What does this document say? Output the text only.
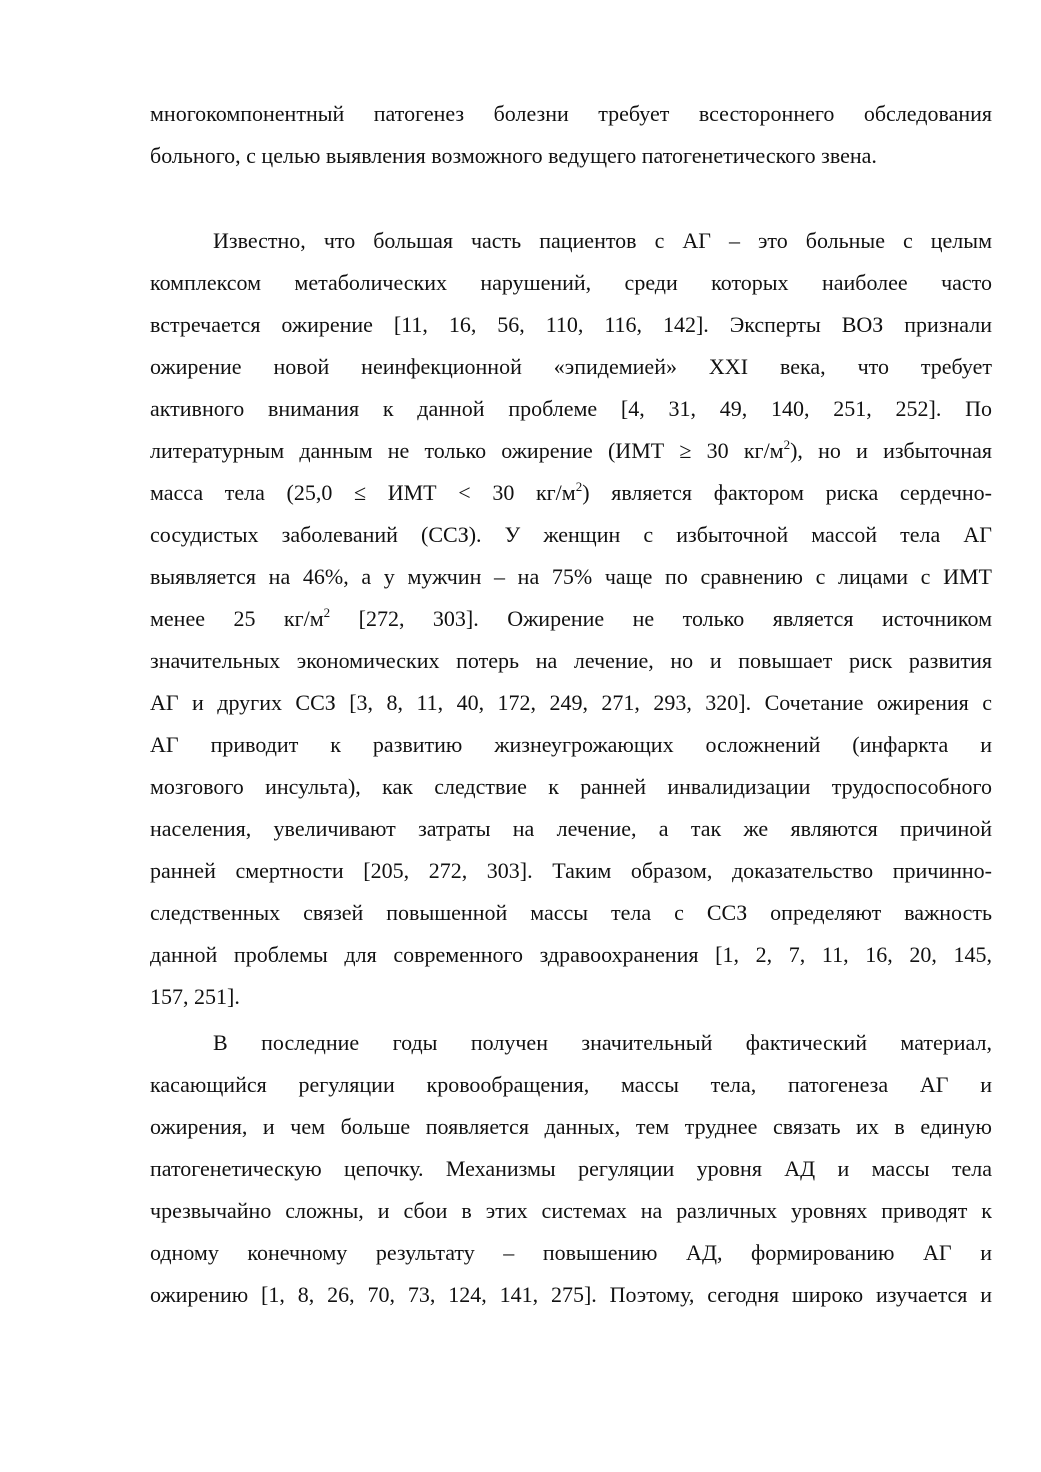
многокомпонентный патогенез болезни требует всестороннего обследования
больного, с целью выявления возможного ведущего патогенетического звена.
Известно, что большая часть пациентов с АГ – это больные с целым
комплексом метаболических нарушений, среди которых наиболее часто
встречается ожирение [11, 16, 56, 110, 116, 142]. Эксперты ВОЗ признали
ожирение новой неинфекционной «эпидемией» XXI века, что требует
активного внимания к данной проблеме [4, 31, 49, 140, 251, 252]. По
литературным данным не только ожирение (ИМТ ≥ 30 $кг/м^2$), но и избыточная
масса тела (25,0 ≤ ИМТ < 30 $кг/м^2$) является фактором риска сердечно-
сосудистых заболеваний (ССЗ). У женщин с избыточной массой тела АГ
выявляется на 46%, а у мужчин – на 75% чаще по сравнению с лицами с ИМТ
менее 25 $кг/м^2$ [272, 303]. Ожирение не только является источником
значительных экономических потерь на лечение, но и повышает риск развития
АГ и других ССЗ [3, 8, 11, 40, 172, 249, 271, 293, 320]. Сочетание ожирения с
АГ приводит к развитию жизнеугрожающих осложнений (инфаркта и
мозгового инсульта), как следствие к ранней инвалидизации трудоспособного
населения, увеличивают затраты на лечение, а так же являются причиной
ранней смертности [205, 272, 303]. Таким образом, доказательство причинно-
следственных связей повышенной массы тела с ССЗ определяют важность
данной проблемы для современного здравоохранения [1, 2, 7, 11, 16, 20, 145,
157, 251].
В последние годы получен значительный фактический материал,
касающийся регуляции кровообращения, массы тела, патогенеза АГ и
ожирения, и чем больше появляется данных, тем труднее связать их в единую
патогенетическую цепочку. Механизмы регуляции уровня АД и массы тела
чрезвычайно сложны, и сбои в этих системах на различных уровнях приводят к
одному конечному результату – повышению АД, формированию АГ и
ожирению [1, 8, 26, 70, 73, 124, 141, 275]. Поэтому, сегодня широко изучается и
